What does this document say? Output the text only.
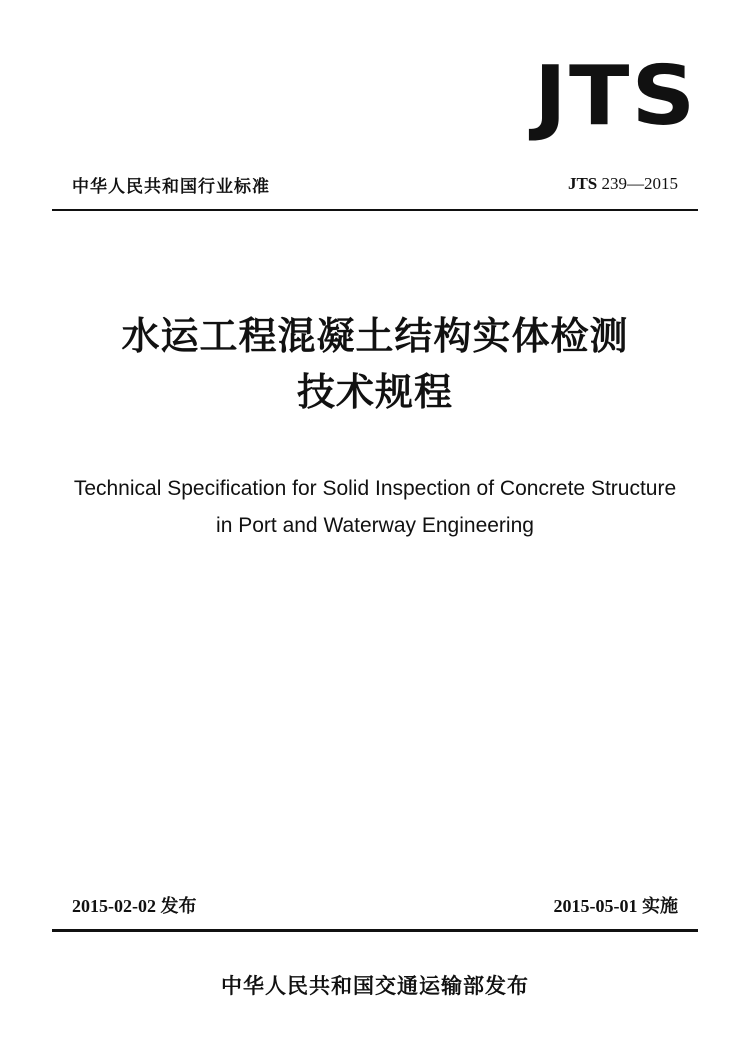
JTS
中华人民共和国行业标准	JTS 239—2015
水运工程混凝土结构实体检测
技术规程
Technical Specification for Solid Inspection of Concrete Structure
in Port and Waterway Engineering
2015-02-02 发布	2015-05-01 实施
中华人民共和国交通运输部发布
